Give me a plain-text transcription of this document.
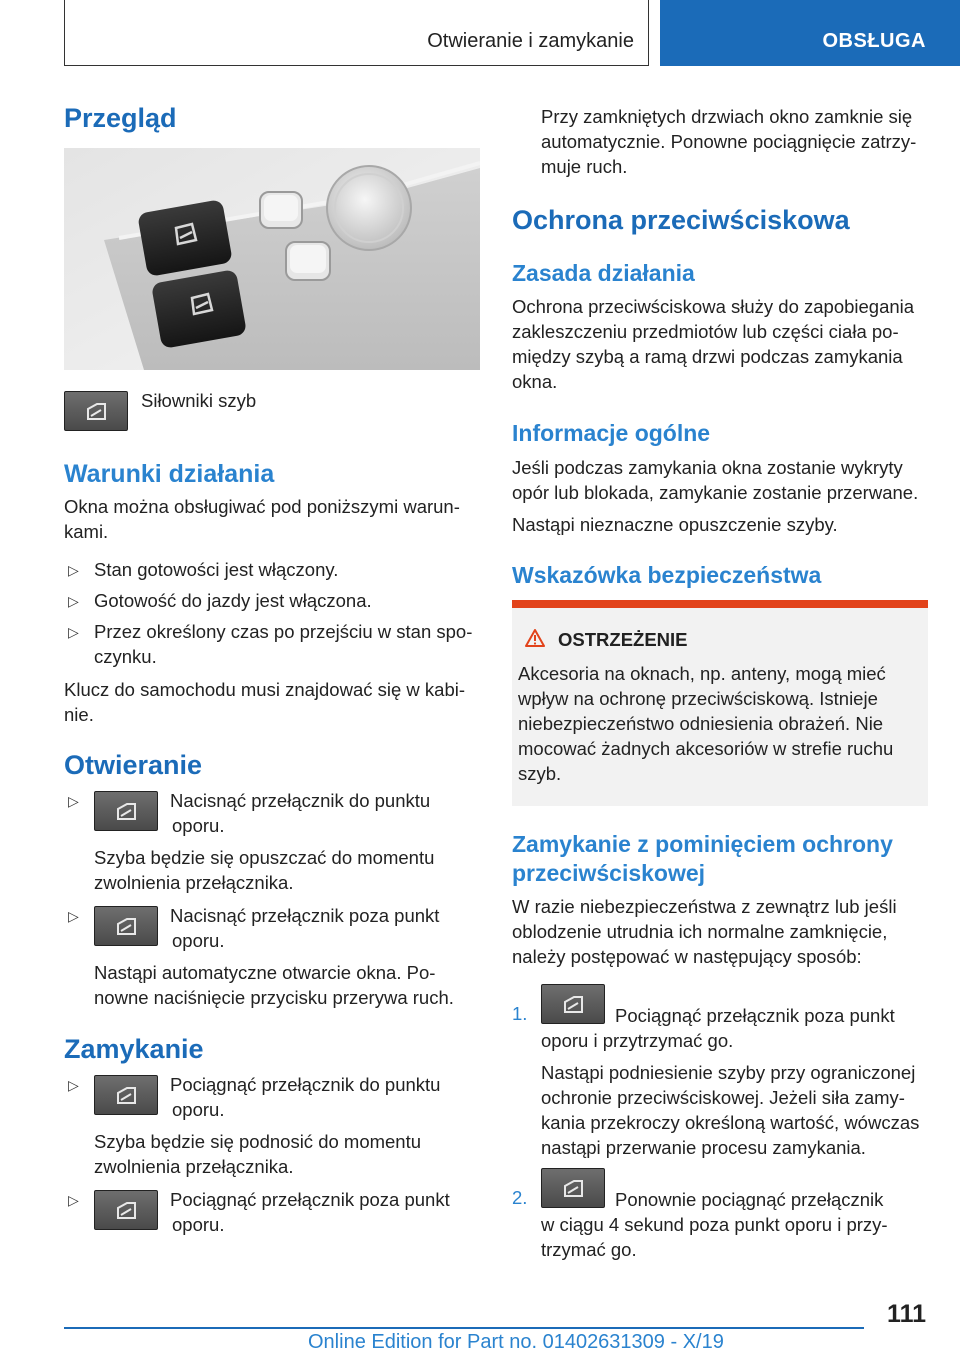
Otwieranie i zamykanie	OBSŁUGA
Przegląd
Siłowniki szyb
Warunki działania
Okna można obsługiwać pod poniższymi warun-
kami.
▷ Stan gotowości jest włączony.
▷ Gotowość do jazdy jest włączona.
▷ Przez określony czas po przejściu w stan spo-
czynku.
Klucz do samochodu musi znajdować się w kabi-
nie.
Otwieranie
▷	Nacisnąć przełącznik do punktu
oporu.
Szyba będzie się opuszczać do momentu
zwolnienia przełącznika.
▷	Nacisnąć przełącznik poza punkt
oporu.
Nastąpi automatyczne otwarcie okna. Po-
nowne naciśnięcie przycisku przerywa ruch.
Zamykanie
▷	Pociągnąć przełącznik do punktu
oporu.
Szyba będzie się podnosić do momentu
zwolnienia przełącznika.
▷	Pociągnąć przełącznik poza punkt
oporu.
Przy zamkniętych drzwiach okno zamknie się
automatycznie. Ponowne pociągnięcie zatrzy-
muje ruch.
Ochrona przeciwściskowa
Zasada działania
Ochrona przeciwściskowa służy do zapobiegania
zakleszczeniu przedmiotów lub części ciała po-
między szybą a ramą drzwi podczas zamykania
okna.
Informacje ogólne
Jeśli podczas zamykania okna zostanie wykryty
opór lub blokada, zamykanie zostanie przerwane.
Nastąpi nieznaczne opuszczenie szyby.
Wskazówka bezpieczeństwa
OSTRZEŻENIE
Akcesoria na oknach, np. anteny, mogą mieć
wpływ na ochronę przeciwściskową. Istnieje
niebezpieczeństwo odniesienia obrażeń. Nie
mocować żadnych akcesoriów w strefie ruchu
szyb.
Zamykanie z pominięciem ochrony
przeciwściskowej
W razie niebezpieczeństwa z zewnątrz lub jeśli
oblodzenie utrudnia ich normalne zamknięcie,
należy postępować w następujący sposób:
1.	Pociągnąć przełącznik poza punkt
oporu i przytrzymać go.
Nastąpi podniesienie szyby przy ograniczonej
ochronie przeciwściskowej. Jeżeli siła zamy-
kania przekroczy określoną wartość, wówczas
nastąpi przerwanie procesu zamykania.
2.	Ponownie pociągnąć przełącznik
w ciągu 4 sekund poza punkt oporu i przy-
trzymać go.
111
Online Edition for Part no. 01402631309 - X/19
